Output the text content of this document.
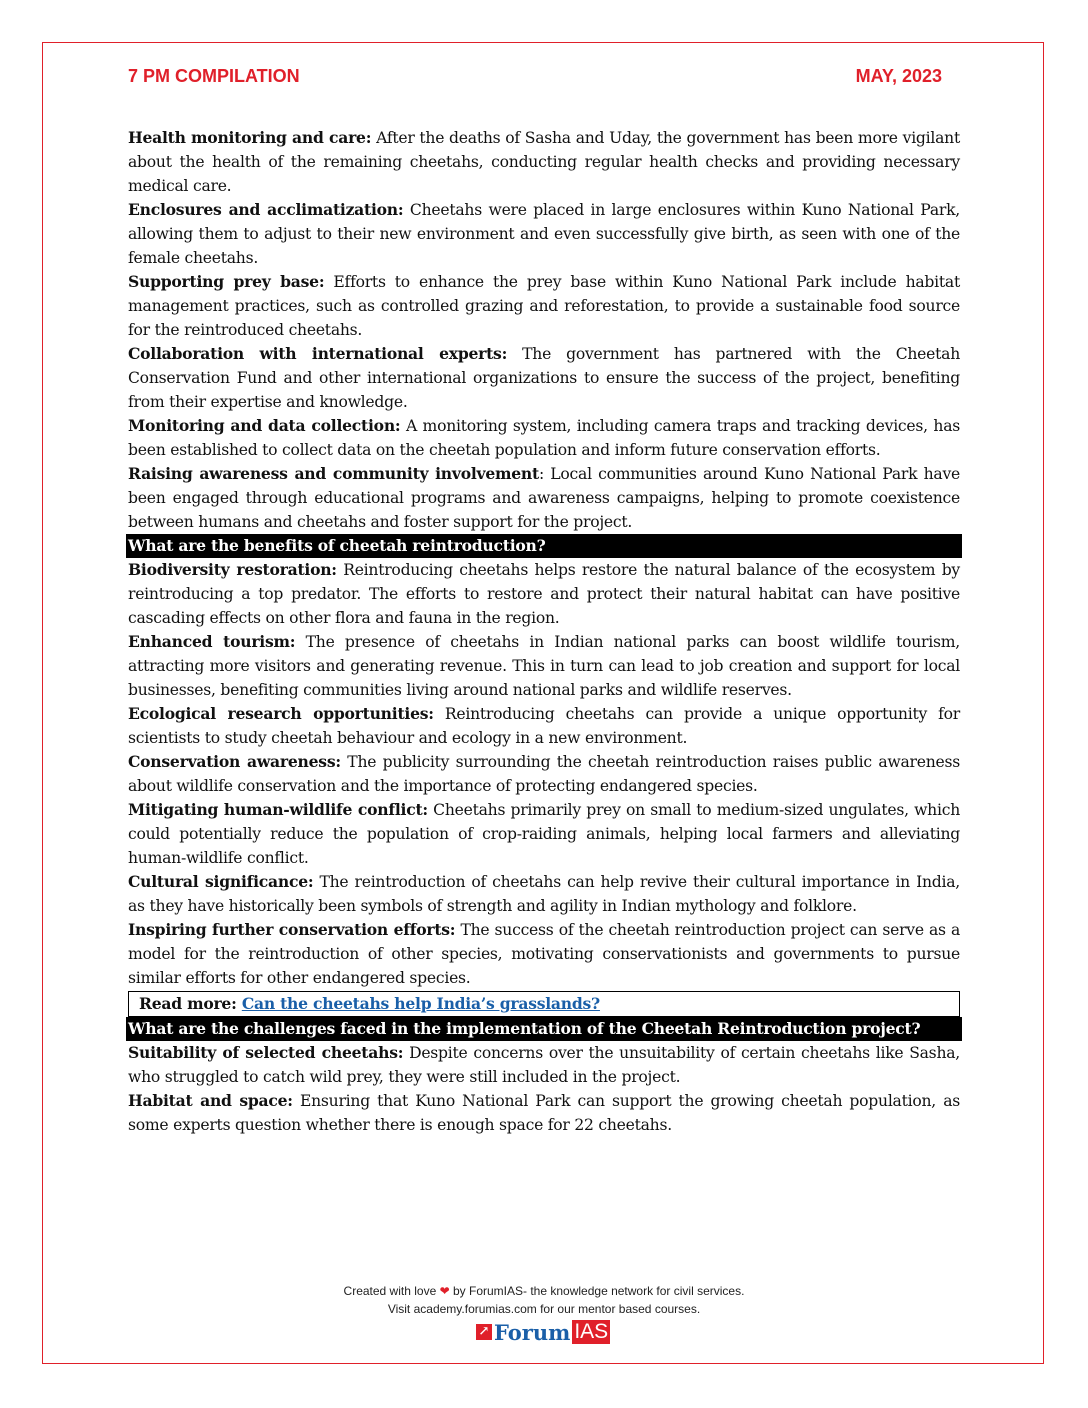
7 PM COMPILATION	MAY, 2023

Health monitoring and care: After the deaths of Sasha and Uday, the government has been more vigilant about the health of the remaining cheetahs, conducting regular health checks and providing necessary medical care.

Enclosures and acclimatization: Cheetahs were placed in large enclosures within Kuno National Park, allowing them to adjust to their new environment and even successfully give birth, as seen with one of the female cheetahs.

Supporting prey base: Efforts to enhance the prey base within Kuno National Park include habitat management practices, such as controlled grazing and reforestation, to provide a sustainable food source for the reintroduced cheetahs.

Collaboration with international experts: The government has partnered with the Cheetah Conservation Fund and other international organizations to ensure the success of the project, benefiting from their expertise and knowledge.

Monitoring and data collection: A monitoring system, including camera traps and tracking devices, has been established to collect data on the cheetah population and inform future conservation efforts.

Raising awareness and community involvement: Local communities around Kuno National Park have been engaged through educational programs and awareness campaigns, helping to promote coexistence between humans and cheetahs and foster support for the project.

What are the benefits of cheetah reintroduction?

Biodiversity restoration: Reintroducing cheetahs helps restore the natural balance of the ecosystem by reintroducing a top predator. The efforts to restore and protect their natural habitat can have positive cascading effects on other flora and fauna in the region.

Enhanced tourism: The presence of cheetahs in Indian national parks can boost wildlife tourism, attracting more visitors and generating revenue. This in turn can lead to job creation and support for local businesses, benefiting communities living around national parks and wildlife reserves.

Ecological research opportunities: Reintroducing cheetahs can provide a unique opportunity for scientists to study cheetah behaviour and ecology in a new environment.

Conservation awareness: The publicity surrounding the cheetah reintroduction raises public awareness about wildlife conservation and the importance of protecting endangered species.

Mitigating human-wildlife conflict: Cheetahs primarily prey on small to medium-sized ungulates, which could potentially reduce the population of crop-raiding animals, helping local farmers and alleviating human-wildlife conflict.

Cultural significance: The reintroduction of cheetahs can help revive their cultural importance in India, as they have historically been symbols of strength and agility in Indian mythology and folklore.

Inspiring further conservation efforts: The success of the cheetah reintroduction project can serve as a model for the reintroduction of other species, motivating conservationists and governments to pursue similar efforts for other endangered species.

Read more: Can the cheetahs help India’s grasslands?
What are the challenges faced in the implementation of the Cheetah Reintroduction project?

Suitability of selected cheetahs: Despite concerns over the unsuitability of certain cheetahs like Sasha, who struggled to catch wild prey, they were still included in the project.

Habitat and space: Ensuring that Kuno National Park can support the growing cheetah population, as some experts question whether there is enough space for 22 cheetahs.

Created with love ❤ by ForumIAS- the knowledge network for civil services.
Visit academy.forumias.com for our mentor based courses.
↗ Forum IAS
